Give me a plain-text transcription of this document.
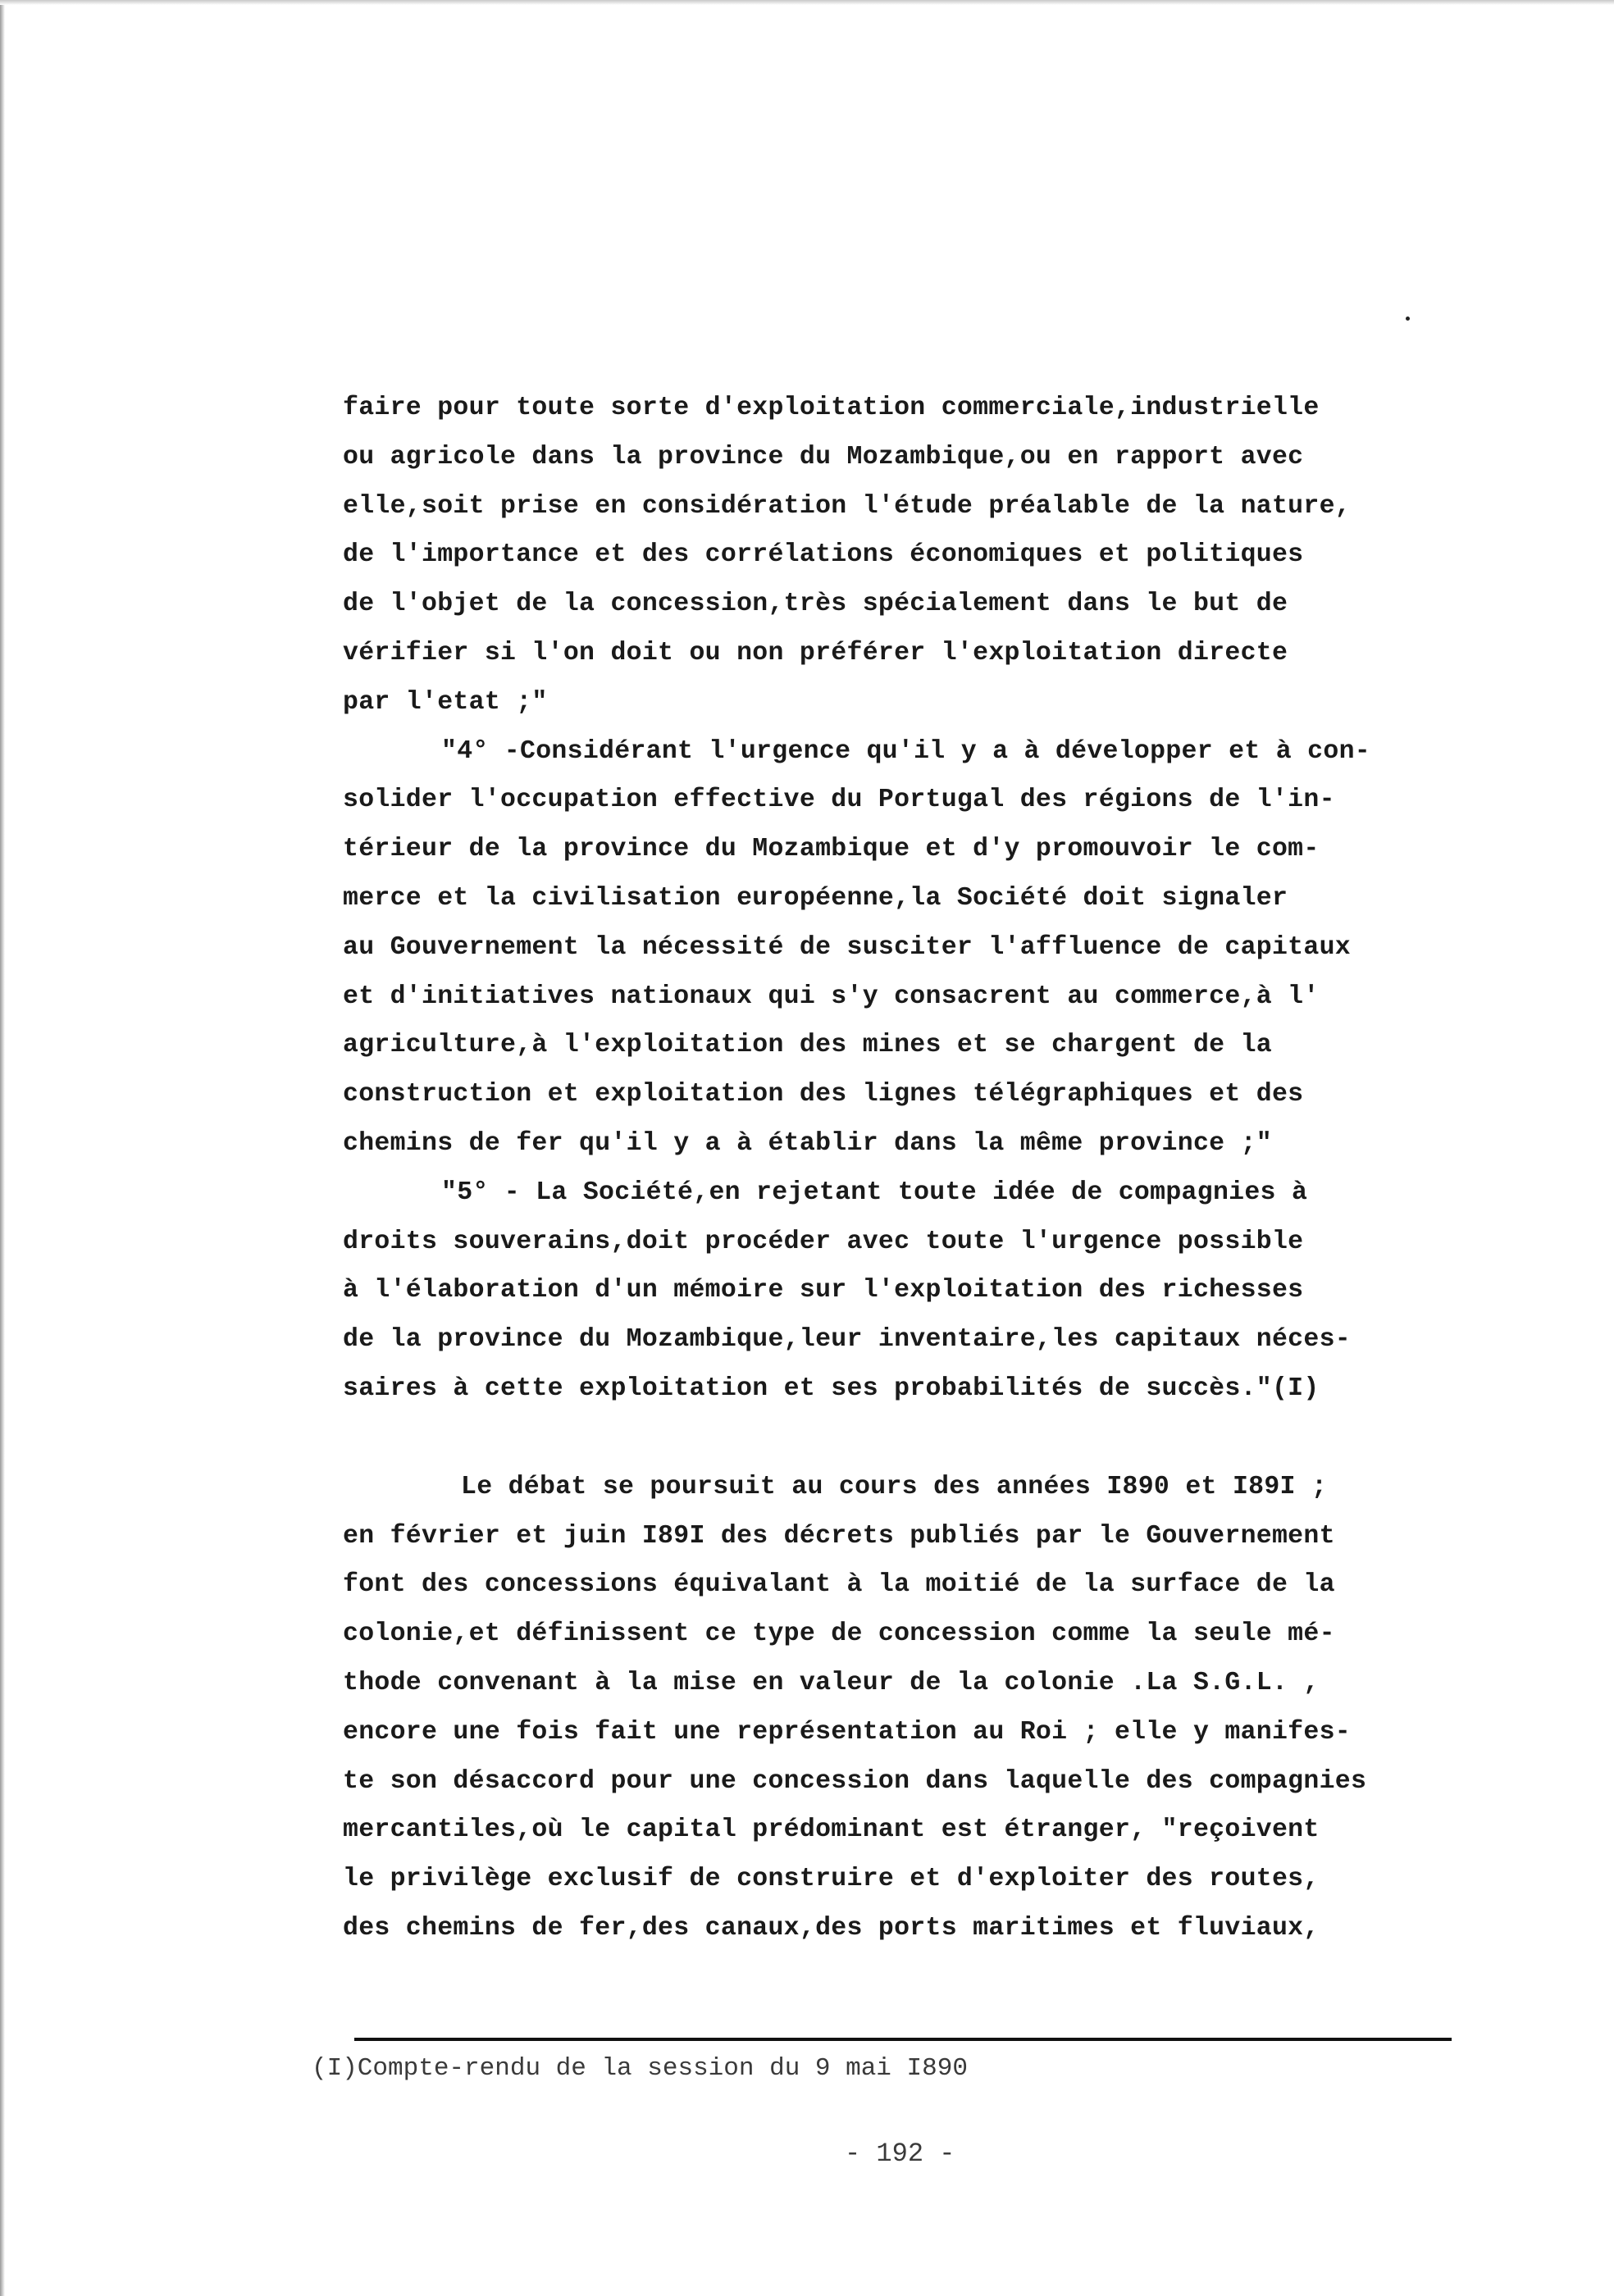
faire pour toute sorte d'exploitation commerciale,industrielle
ou agricole dans la province du Mozambique,ou en rapport avec
elle,soit prise en considération l'étude préalable de la nature,
de l'importance et des corrélations économiques et politiques
de l'objet de la concession,très spécialement dans le but de
vérifier si l'on doit ou non préférer l'exploitation directe
par l'etat ;"
"4° -Considérant l'urgence qu'il y a à développer et à con-
solider l'occupation effective du Portugal des régions de l'in-
térieur de la province du Mozambique et d'y promouvoir le com-
merce et la civilisation européenne,la Société doit signaler
au Gouvernement la nécessité de susciter l'affluence de capitaux
et d'initiatives nationaux qui s'y consacrent au commerce,à l'
agriculture,à l'exploitation des mines et se chargent de la
construction et exploitation des lignes télégraphiques et des
chemins de fer qu'il y a à établir dans la même province ;"
"5° - La Société,en rejetant toute idée de compagnies à
droits souverains,doit procéder avec toute l'urgence possible
à l'élaboration d'un mémoire sur l'exploitation des richesses
de la province du Mozambique,leur inventaire,les capitaux néces-
saires à cette exploitation et ses probabilités de succès."(I)
Le débat se poursuit au cours des années I890 et I89I ;
en février et juin I89I des décrets publiés par le Gouvernement
font des concessions équivalant à la moitié de la surface de la
colonie,et définissent ce type de concession comme la seule mé-
thode convenant à la mise en valeur de la colonie .La S.G.L. ,
encore une fois fait une représentation au Roi ; elle y manifes-
te son désaccord pour une concession dans laquelle des compagnies
mercantiles,où le capital prédominant est étranger, "reçoivent
le privilège exclusif de construire et d'exploiter des routes,
des chemins de fer,des canaux,des ports maritimes et fluviaux,
(I)Compte-rendu de la session du 9 mai I890
- 192 -
